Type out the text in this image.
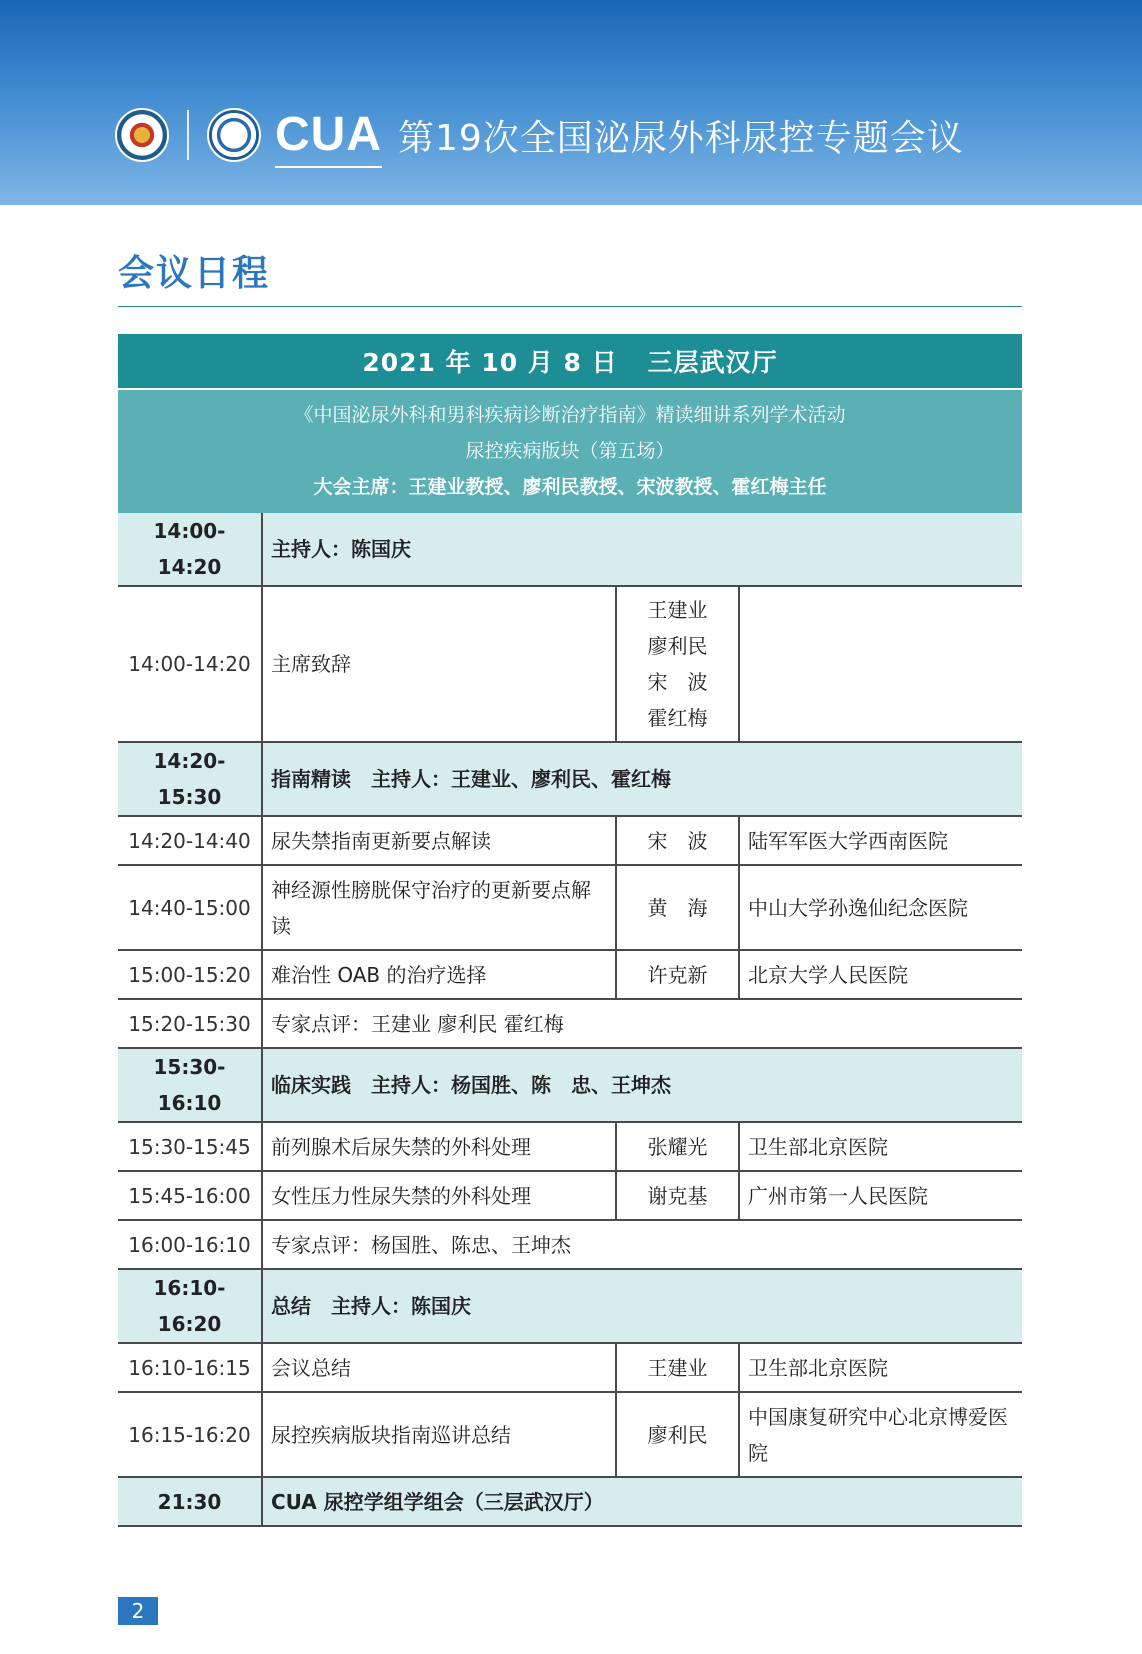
CUA 第19次全国泌尿外科尿控专题会议
会议日程
2021 年 10 月 8 日 三层武汉厅
《中国泌尿外科和男科疾病诊断治疗指南》精读细讲系列学术活动
尿控疾病版块（第五场）
大会主席：王建业教授、廖利民教授、宋波教授、霍红梅主任
14:00-14:20	主持人：陈国庆		
14:00-14:20	主席致辞	王建业
廖利民
宋　波
霍红梅	

14:20-15:30	指南精读　主持人：王建业、廖利民、霍红梅		
14:20-14:40	尿失禁指南更新要点解读	宋　波	陆军军医大学西南医院
14:40-15:00	神经源性膀胱保守治疗的更新要点解读	黄　海	中山大学孙逸仙纪念医院
15:00-15:20	难治性 OAB 的治疗选择	许克新	北京大学人民医院
15:20-15:30	专家点评：王建业 廖利民 霍红梅		
15:30-16:10	临床实践　主持人：杨国胜、陈　忠、王坤杰		
15:30-15:45	前列腺术后尿失禁的外科处理	张耀光	卫生部北京医院
15:45-16:00	女性压力性尿失禁的外科处理	谢克基	广州市第一人民医院
16:00-16:10	专家点评：杨国胜、陈忠、王坤杰		
16:10-16:20	总结　主持人：陈国庆		
16:10-16:15	会议总结	王建业	卫生部北京医院
16:15-16:20	尿控疾病版块指南巡讲总结	廖利民	中国康复研究中心北京博爱医院
21:30	CUA 尿控学组学组会（三层武汉厅）		
2
